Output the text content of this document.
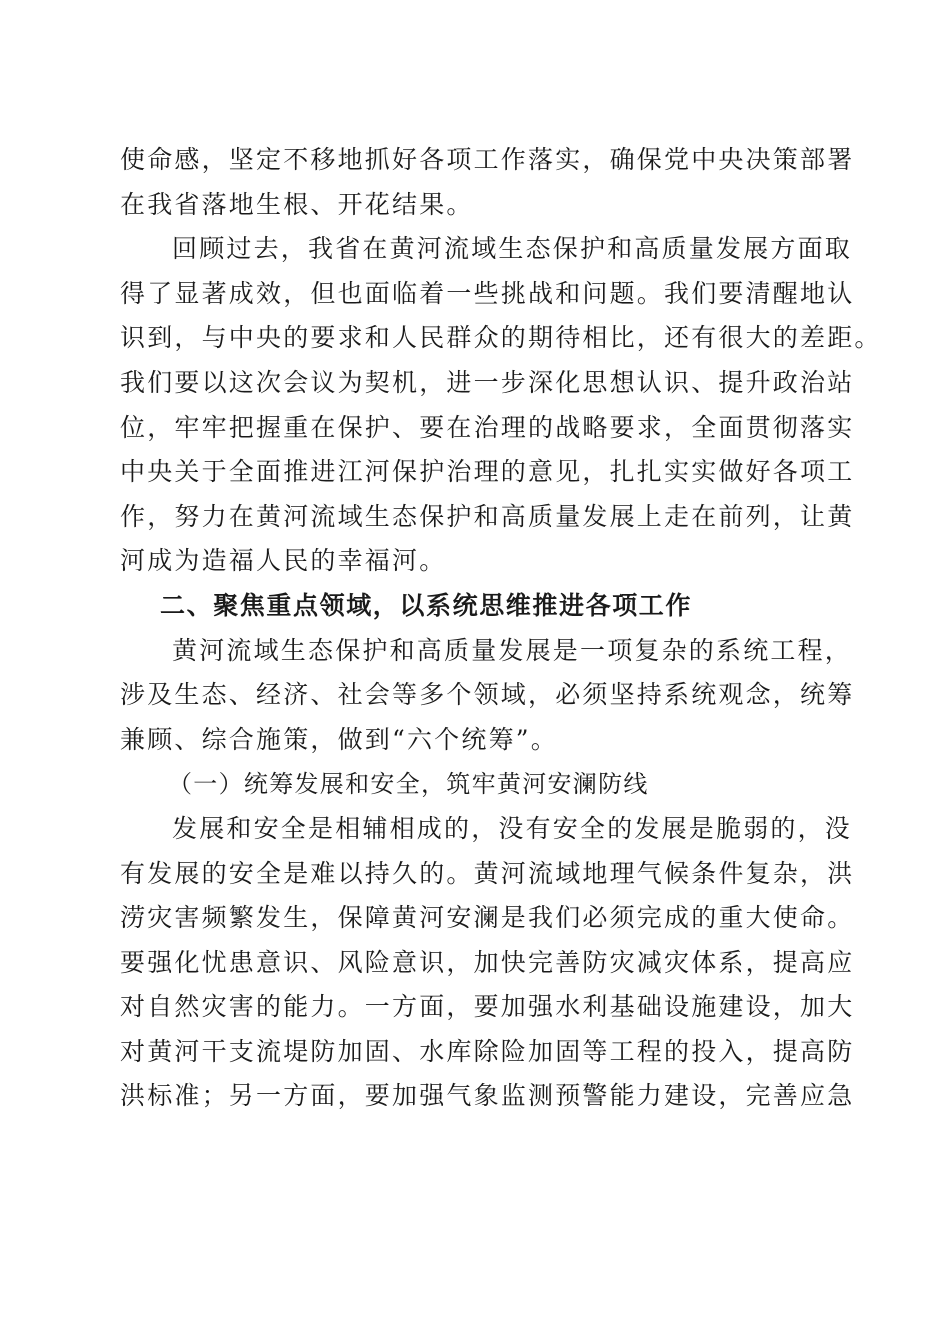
使命感，坚定不移地抓好各项工作落实，确保党中央决策部署
在我省落地生根、开花结果。
回顾过去，我省在黄河流域生态保护和高质量发展方面取
得了显著成效，但也面临着一些挑战和问题。我们要清醒地认
识到，与中央的要求和人民群众的期待相比，还有很大的差距。
我们要以这次会议为契机，进一步深化思想认识、提升政治站
位，牢牢把握重在保护、要在治理的战略要求，全面贯彻落实
中央关于全面推进江河保护治理的意见，扎扎实实做好各项工
作，努力在黄河流域生态保护和高质量发展上走在前列，让黄
河成为造福人民的幸福河。
二、聚焦重点领域，以系统思维推进各项工作
黄河流域生态保护和高质量发展是一项复杂的系统工程，
涉及生态、经济、社会等多个领域，必须坚持系统观念，统筹
兼顾、综合施策，做到“六个统筹”。
（一）统筹发展和安全，筑牢黄河安澜防线
发展和安全是相辅相成的，没有安全的发展是脆弱的，没
有发展的安全是难以持久的。黄河流域地理气候条件复杂，洪
涝灾害频繁发生，保障黄河安澜是我们必须完成的重大使命。
要强化忧患意识、风险意识，加快完善防灾减灾体系，提高应
对自然灾害的能力。一方面，要加强水利基础设施建设，加大
对黄河干支流堤防加固、水库除险加固等工程的投入，提高防
洪标准；另一方面，要加强气象监测预警能力建设，完善应急
